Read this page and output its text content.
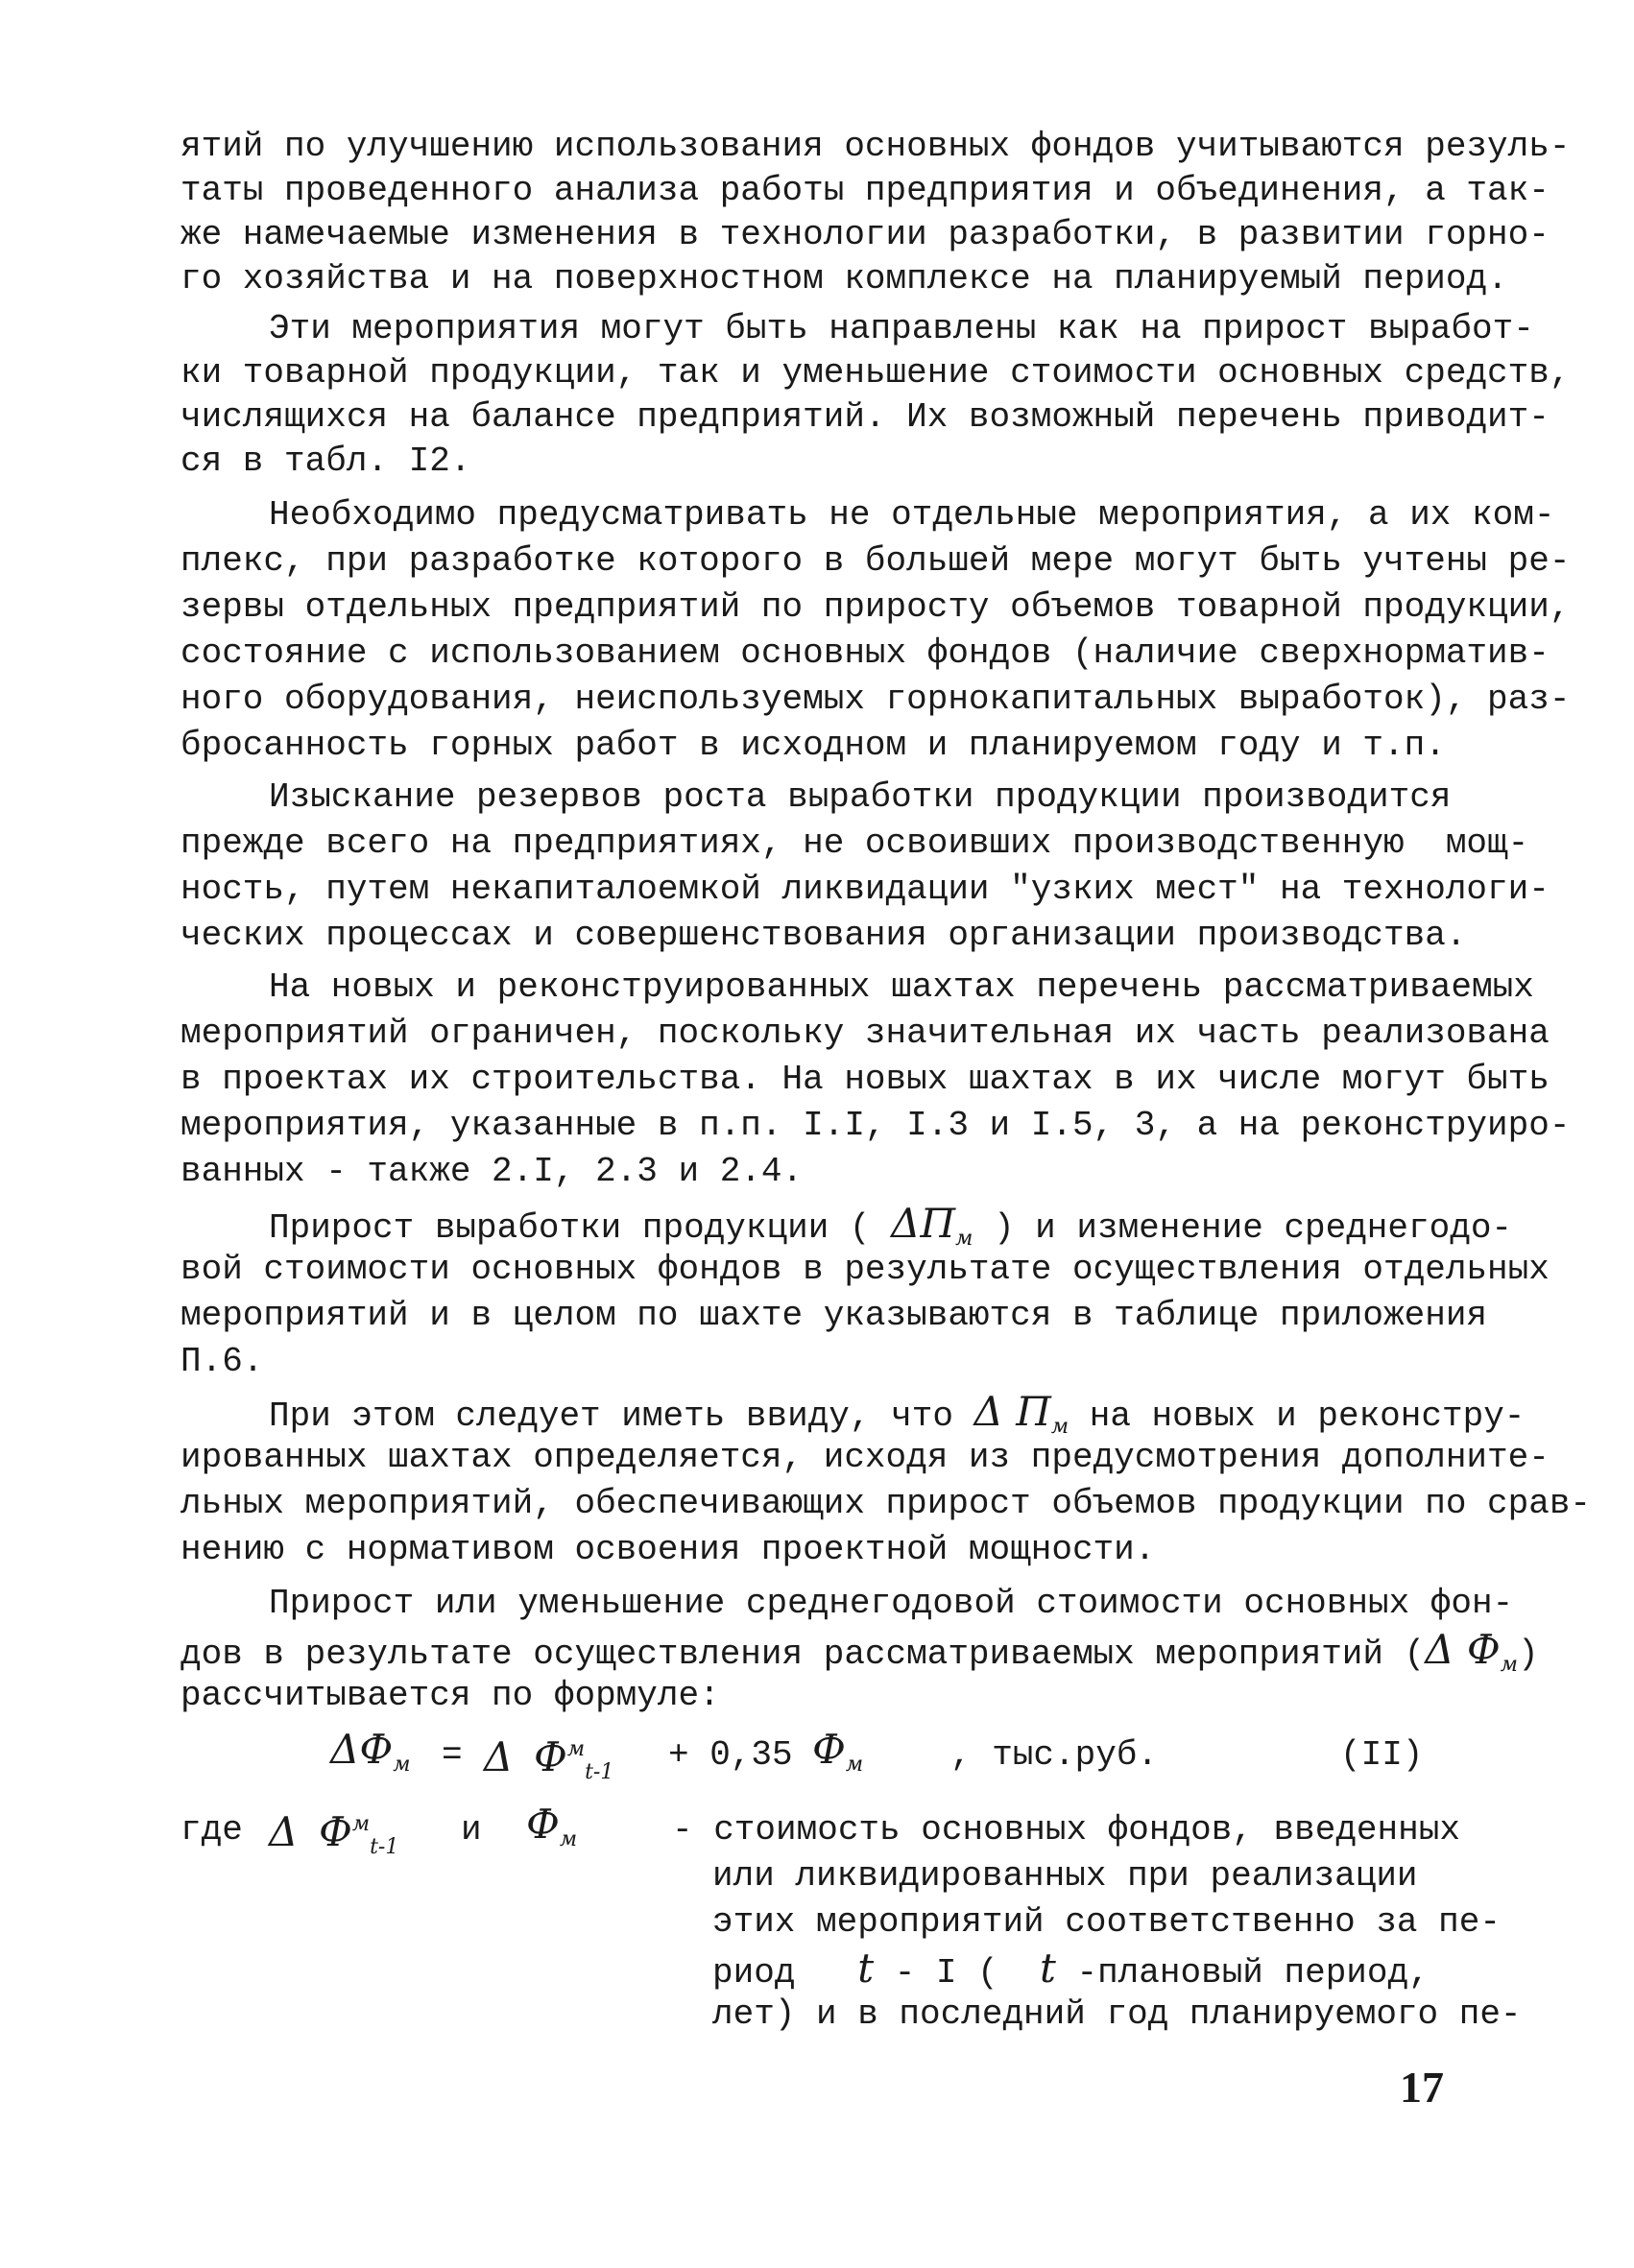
ятий по улучшению использования основных фондов учитываются резуль-
таты проведенного анализа работы предприятия и объединения, а так-
же намечаемые изменения в технологии разработки, в развитии горно-
го хозяйства и на поверхностном комплексе на планируемый период.
Эти мероприятия могут быть направлены как на прирост выработ-
ки товарной продукции, так и уменьшение стоимости основных средств,
числящихся на балансе предприятий. Их возможный перечень приводит-
ся в табл. I2.
Необходимо предусматривать не отдельные мероприятия, а их ком-
плекс, при разработке которого в большей мере могут быть учтены ре-
зервы отдельных предприятий по приросту объемов товарной продукции,
состояние с использованием основных фондов (наличие сверхнорматив-
ного оборудования, неиспользуемых горнокапитальных выработок), раз-
бросанность горных работ в исходном и планируемом году и т.п.
Изыскание резервов роста выработки продукции производится
прежде всего на предприятиях, не освоивших производственную  мощ-
ность, путем некапиталоемкой ликвидации "узких мест" на технологи-
ческих процессах и совершенствования организации производства.
На новых и реконструированных шахтах перечень рассматриваемых
мероприятий ограничен, поскольку значительная их часть реализована
в проектах их строительства. На новых шахтах в их числе могут быть
мероприятия, указанные в п.п. I.I, I.3 и I.5, 3, а на реконструиро-
ванных - также 2.I, 2.3 и 2.4.
Прирост выработки продукции ( $\Delta П_м$ ) и изменение среднегодо-
вой стоимости основных фондов в результате осуществления отдельных
мероприятий и в целом по шахте указываются в таблице приложения
П.6.
При этом следует иметь ввиду, что Δ $П_м$ на новых и реконстру-
ированных шахтах определяется, исходя из предусмотрения дополните-
льных мероприятий, обеспечивающих прирост объемов продукции по срав-
нению с нормативом освоения проектной мощности.
Прирост или уменьшение среднегодовой стоимости основных фон-
дов в результате осуществления рассматриваемых мероприятий (Δ $Ф_м$)
рассчитывается по формуле:
$\Delta Ф_м = \Delta$ $Ф^м_{t-1} + 0,35$ $Ф_м$	, тыс.руб.	(II)
где Δ $Ф^м_{t-1}$ и $Ф_м$	- стоимость основных фондов, введенных
или ликвидированных при реализации
этих мероприятий соответственно за пе-
риод t - I ( t -плановый период,
лет) и в последний год планируемого пе-
17
